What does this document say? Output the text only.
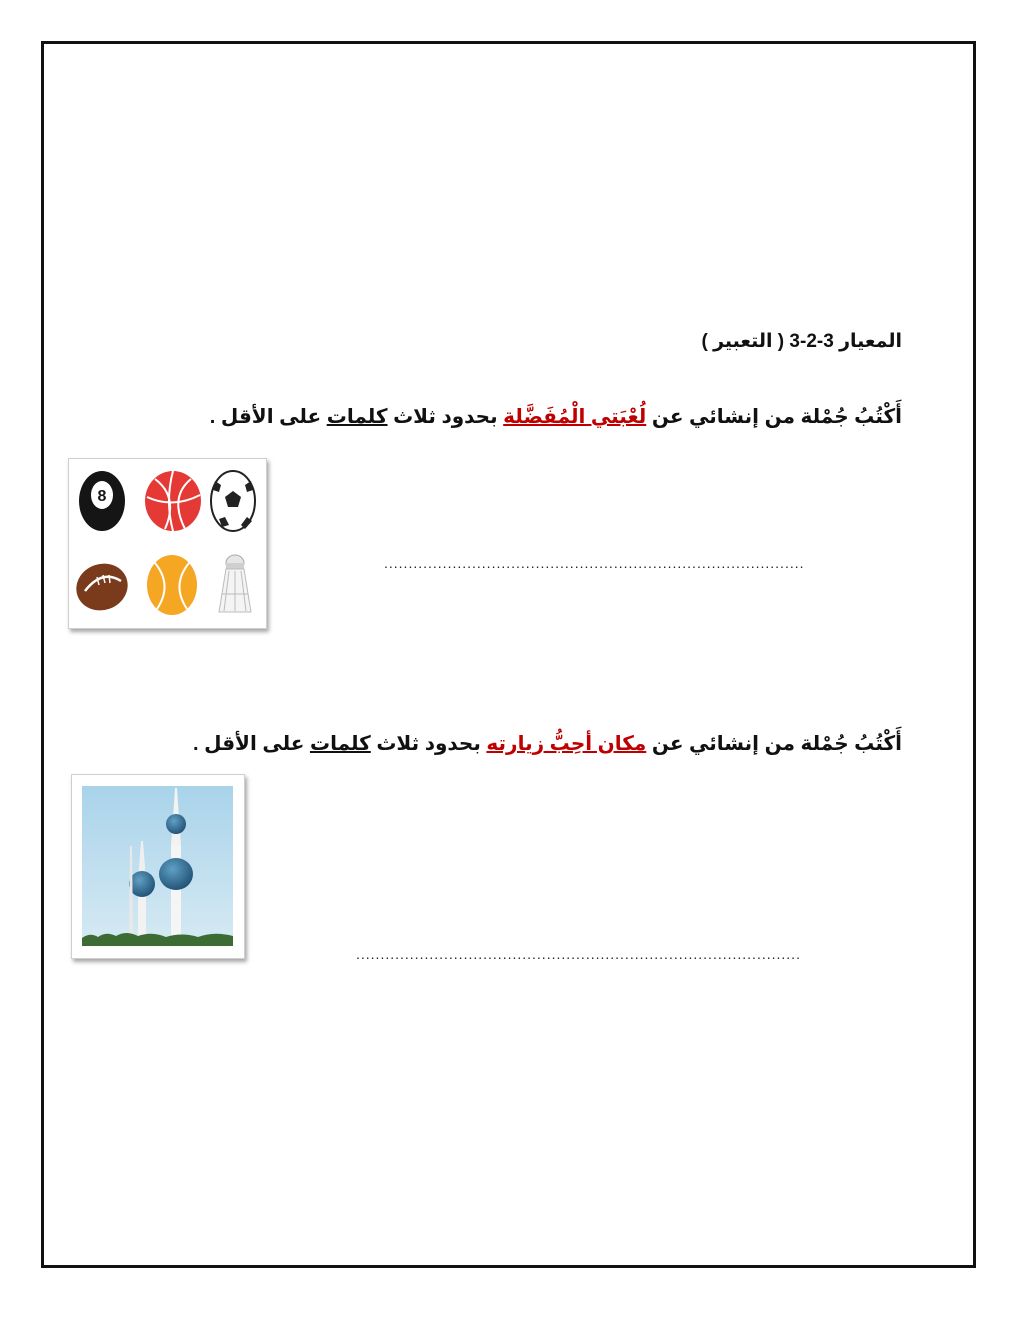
المعيار 3-2-3 ( التعبير )
أَكْتُبُ جُمْلة من إنشائي عن لُعْبَتي الْمُفَضَّلة بحدود ثلاث كلمات على الأقل .
8
......................................................................................
أَكْتُبُ جُمْلة من إنشائي عن مكان أحِبُّ زيارته بحدود ثلاث كلمات على الأقل .
...........................................................................................
